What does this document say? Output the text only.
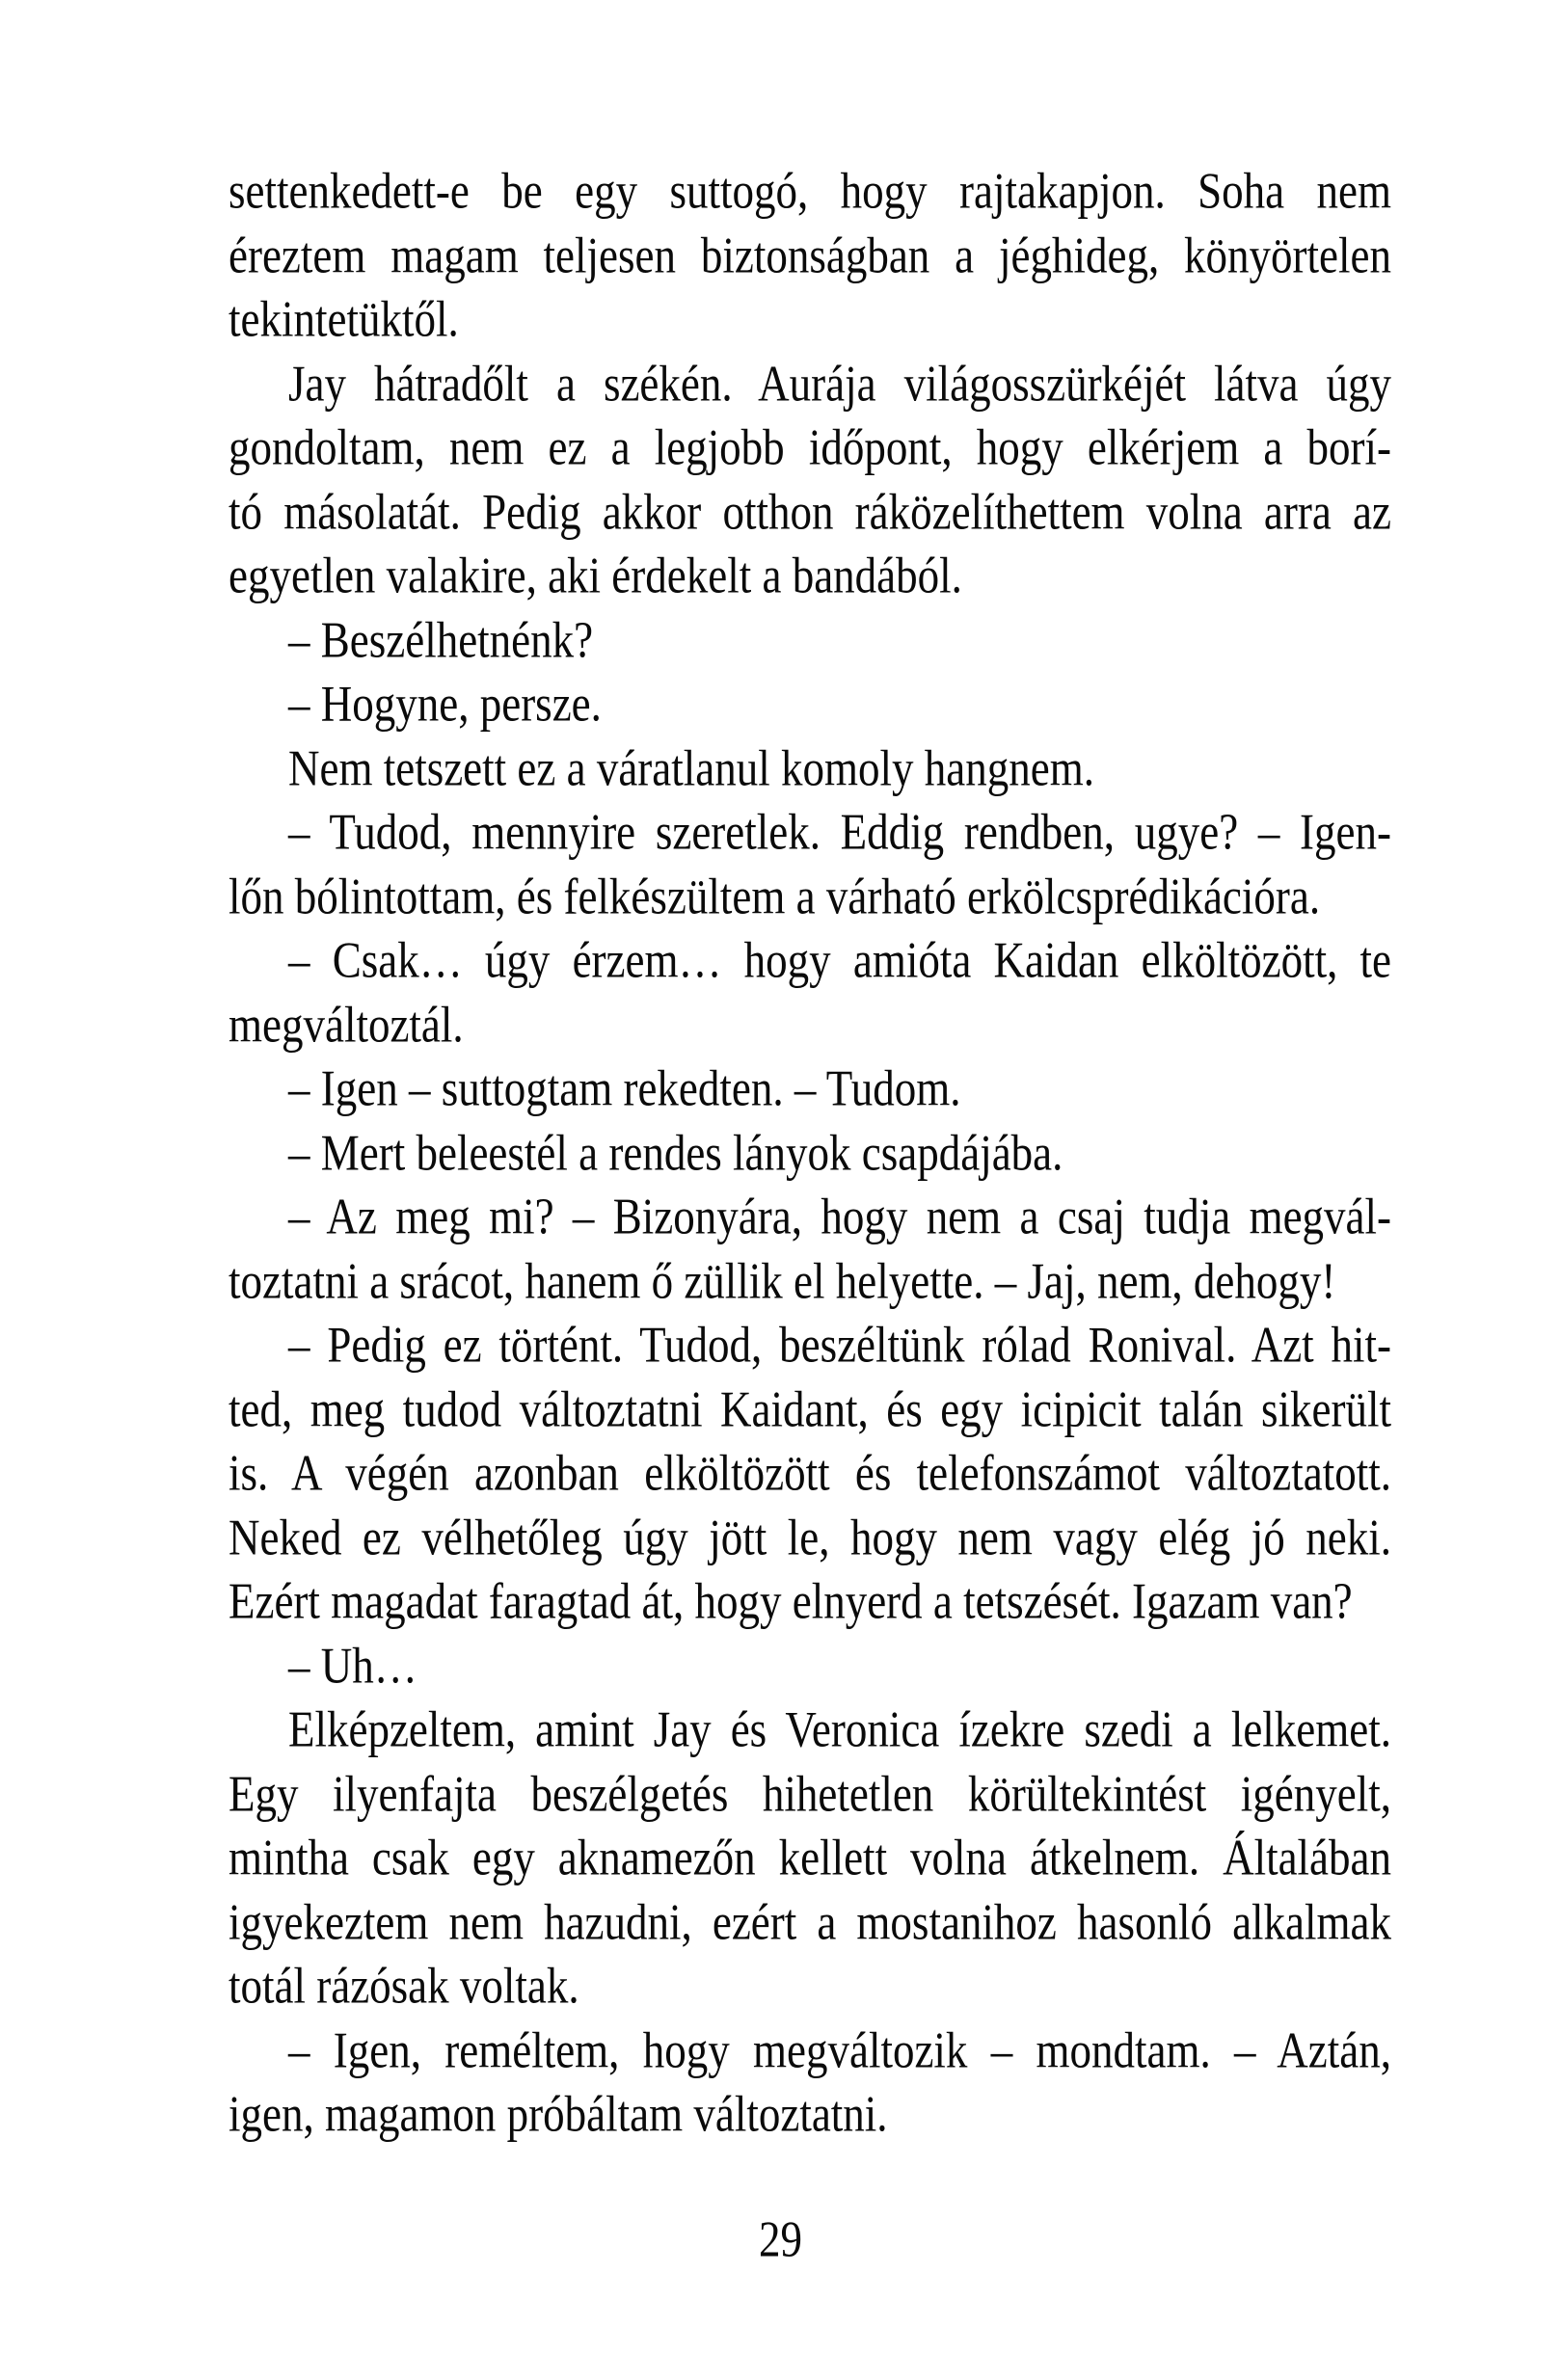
settenkedett-e be egy suttogó, hogy rajtakapjon. Soha nem
éreztem magam teljesen biztonságban a jéghideg, könyörtelen
tekintetüktől.
Jay hátradőlt a székén. Aurája világosszürkéjét látva úgy
gondoltam, nem ez a legjobb időpont, hogy elkérjem a borí-
tó másolatát. Pedig akkor otthon ráközelíthettem volna arra az
egyetlen valakire, aki érdekelt a bandából.
– Beszélhetnénk?
– Hogyne, persze.
Nem tetszett ez a váratlanul komoly hangnem.
– Tudod, mennyire szeretlek. Eddig rendben, ugye? – Igen-
lőn bólintottam, és felkészültem a várható erkölcsprédikációra.
– Csak… úgy érzem… hogy amióta Kaidan elköltözött, te
megváltoztál.
– Igen – suttogtam rekedten. – Tudom.
– Mert beleestél a rendes lányok csapdájába.
– Az meg mi? – Bizonyára, hogy nem a csaj tudja megvál-
toztatni a srácot, hanem ő züllik el helyette. – Jaj, nem, dehogy!
– Pedig ez történt. Tudod, beszéltünk rólad Ronival. Azt hit-
ted, meg tudod változtatni Kaidant, és egy icipicit talán sikerült
is. A végén azonban elköltözött és telefonszámot változtatott.
Neked ez vélhetőleg úgy jött le, hogy nem vagy elég jó neki.
Ezért magadat faragtad át, hogy elnyerd a tetszését. Igazam van?
– Uh…
Elképzeltem, amint Jay és Veronica ízekre szedi a lelkemet.
Egy ilyenfajta beszélgetés hihetetlen körültekintést igényelt,
mintha csak egy aknamezőn kellett volna átkelnem. Általában
igyekeztem nem hazudni, ezért a mostanihoz hasonló alkalmak
totál rázósak voltak.
– Igen, reméltem, hogy megváltozik – mondtam. – Aztán,
igen, magamon próbáltam változtatni.
29
